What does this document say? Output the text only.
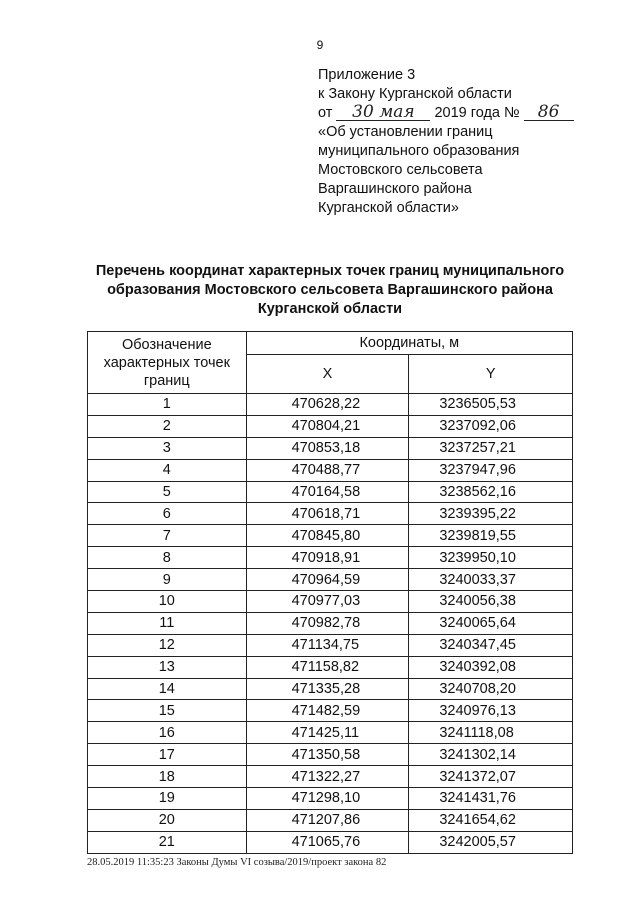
9
Приложение 3
к Закону Курганской области
от 30 мая 2019 года № 86
«Об установлении границ
муниципального образования
Мостовского сельсовета
Варгашинского района
Курганской области»
Перечень координат характерных точек границ муниципального
образования Мостовского сельсовета Варгашинского района
Курганской области
Обозначение
характерных точек
границ	Координаты, м	
	X	Y
1	470628,22	3236505,53
2	470804,21	3237092,06
3	470853,18	3237257,21
4	470488,77	3237947,96
5	470164,58	3238562,16
6	470618,71	3239395,22
7	470845,80	3239819,55
8	470918,91	3239950,10
9	470964,59	3240033,37
10	470977,03	3240056,38
11	470982,78	3240065,64
12	471134,75	3240347,45
13	471158,82	3240392,08
14	471335,28	3240708,20
15	471482,59	3240976,13
16	471425,11	3241118,08
17	471350,58	3241302,14
18	471322,27	3241372,07
19	471298,10	3241431,76
20	471207,86	3241654,62
21	471065,76	3242005,57
28.05.2019 11:35:23 Законы Думы VI созыва/2019/проект закона 82
